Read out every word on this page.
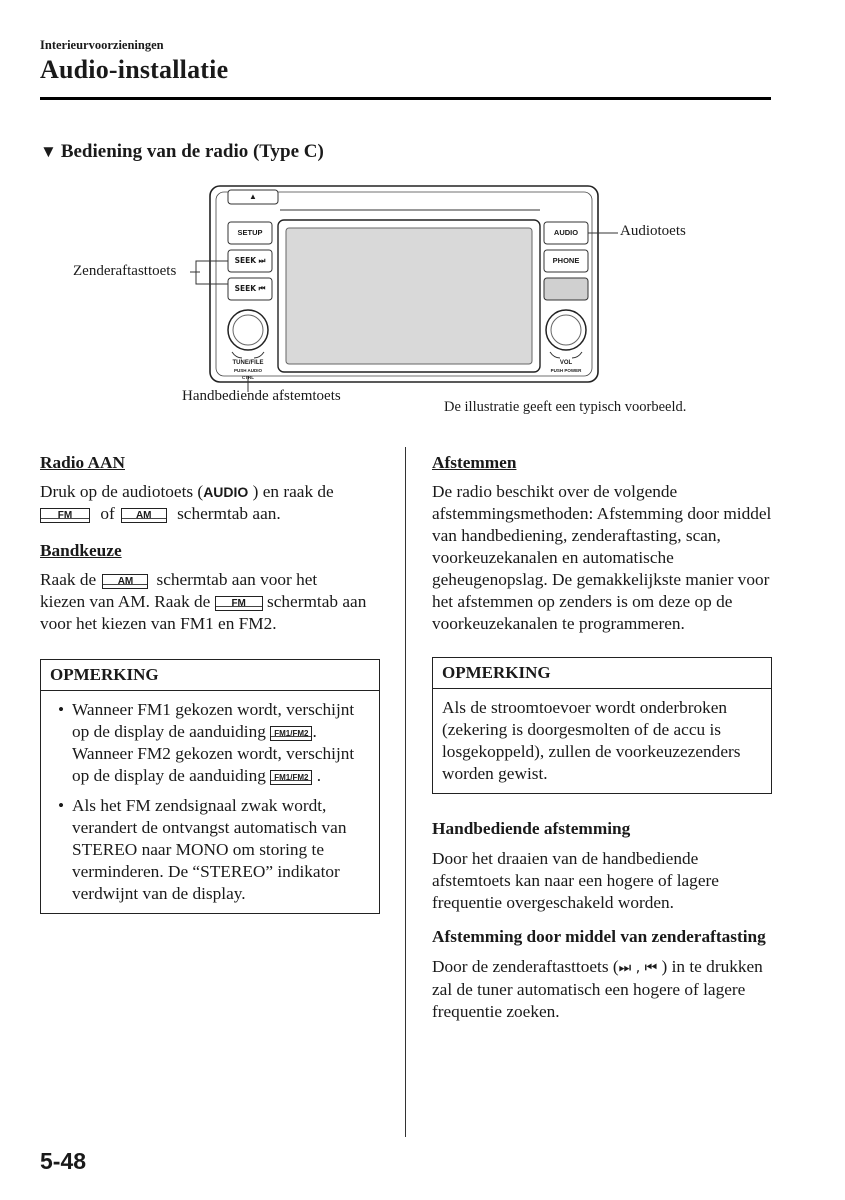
Interieurvoorzieningen
Audio-installatie
▼ Bediening van de radio (Type C)
▲
SETUP
SEEK ⏭
SEEK ⏮
AUDIO
PHONE
TUNE/FILE
PUSH AUDIO CTRL
VOL
PUSH POWER
Audiotoets
Zenderaftasttoets
Handbediende afstemtoets
De illustratie geeft een typisch voorbeeld.
Radio AAN
Druk op de audiotoets (AUDIO ) en raak de
FM of AM schermtab aan.
Bandkeuze
Raak de AM schermtab aan voor het
kiezen van AM. Raak de FM schermtab aan voor het kiezen van FM1 en FM2.
OPMERKING
• Wanneer FM1 gekozen wordt, verschijnt op de display de aanduiding FM1/FM2 . Wanneer FM2 gekozen wordt, verschijnt op de display de aanduiding FM1/FM2 .
• Als het FM zendsignaal zwak wordt, verandert de ontvangst automatisch van STEREO naar MONO om storing te verminderen. De “STEREO” indikator verdwijnt van de display.
Afstemmen
De radio beschikt over de volgende afstemmingsmethoden: Afstemming door middel van handbediening, zenderaftasting, scan, voorkeuzekanalen en automatische geheugenopslag. De gemakkelijkste manier voor het afstemmen op zenders is om deze op de voorkeuzekanalen te programmeren.
OPMERKING
Als de stroomtoevoer wordt onderbroken (zekering is doorgesmolten of de accu is losgekoppeld), zullen de voorkeuzezenders worden gewist.
Handbediende afstemming
Door het draaien van de handbediende afstemtoets kan naar een hogere of lagere frequentie overgeschakeld worden.
Afstemming door middel van zenderaftasting
Door de zenderaftasttoets (⏭ , ⏮ ) in te drukken zal de tuner automatisch een hogere of lagere frequentie zoeken.
5-48
